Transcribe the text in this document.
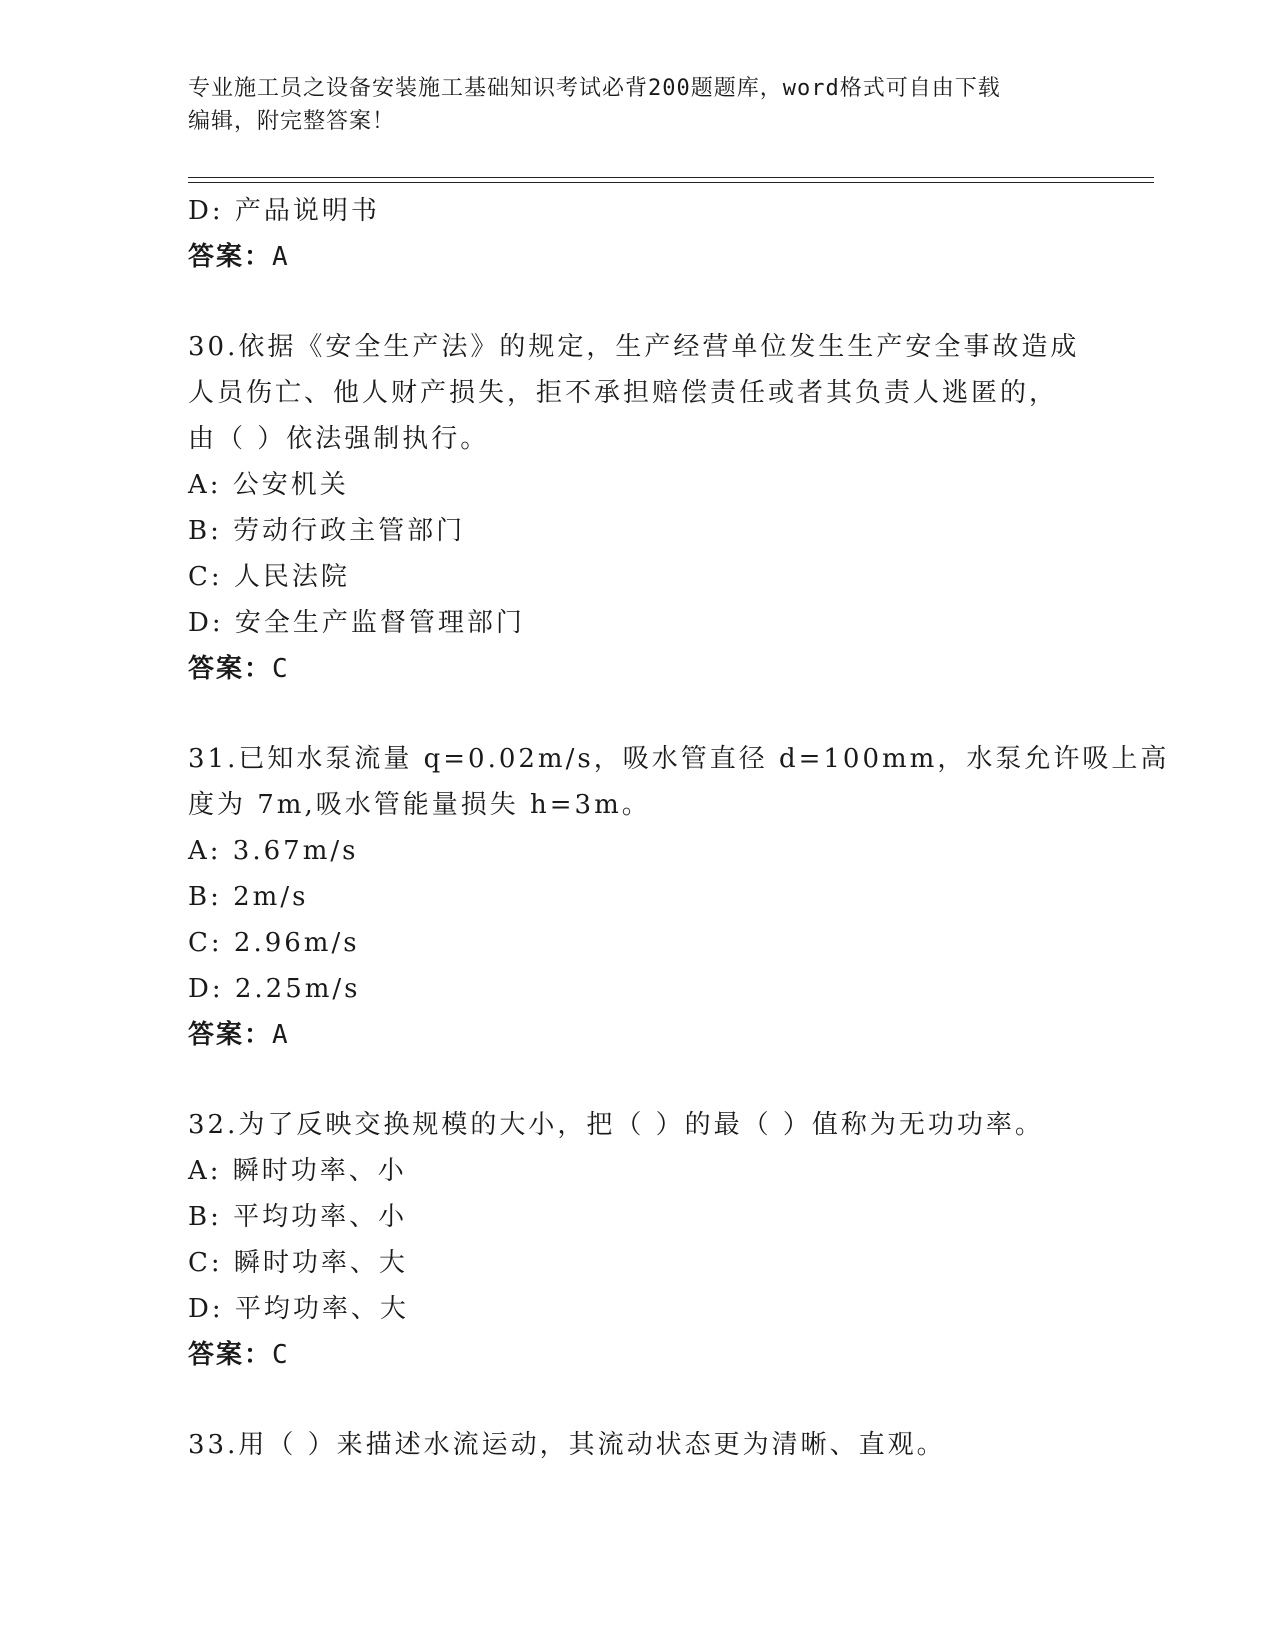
专业施工员之设备安装施工基础知识考试必背200题题库，word格式可自由下载
编辑，附完整答案！
D: 产品说明书
答案：A
30.依据《安全生产法》的规定，生产经营单位发生生产安全事故造成
人员伤亡、他人财产损失，拒不承担赔偿责任或者其负责人逃匿的，
由（ ）依法强制执行。
A: 公安机关
B: 劳动行政主管部门
C: 人民法院
D: 安全生产监督管理部门
答案：C
31.已知水泵流量 q=0.02m/s，吸水管直径 d=100mm，水泵允许吸上高
度为 7m,吸水管能量损失 h=3m。
A: 3.67m/s
B: 2m/s
C: 2.96m/s
D: 2.25m/s
答案：A
32.为了反映交换规模的大小，把（ ）的最（ ）值称为无功功率。
A: 瞬时功率、小
B: 平均功率、小
C: 瞬时功率、大
D: 平均功率、大
答案：C
33.用（ ）来描述水流运动，其流动状态更为清晰、直观。
